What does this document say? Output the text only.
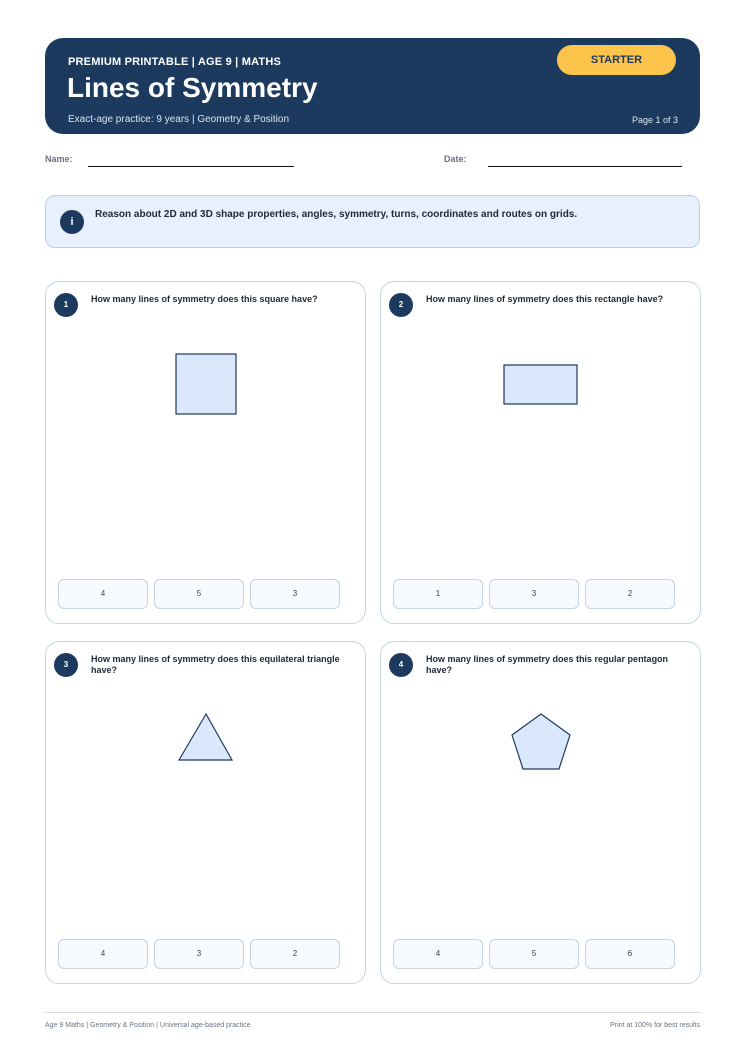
PREMIUM PRINTABLE | AGE 9 | MATHS
Lines of Symmetry
Exact-age practice: 9 years | Geometry & Position	Page 1 of 3
STARTER
Name:	Date:
i
Reason about 2D and 3D shape properties, angles, symmetry, turns, coordinates and routes on grids.
1
How many lines of symmetry does this square have?
4	5	3
2
How many lines of symmetry does this rectangle have?
1	3	2
3
How many lines of symmetry does this equilateral triangle have?
4	3	2
4
How many lines of symmetry does this regular pentagon have?
4	5	6
Age 9 Maths | Geometry & Position | Universal age-based practice	Print at 100% for best results
